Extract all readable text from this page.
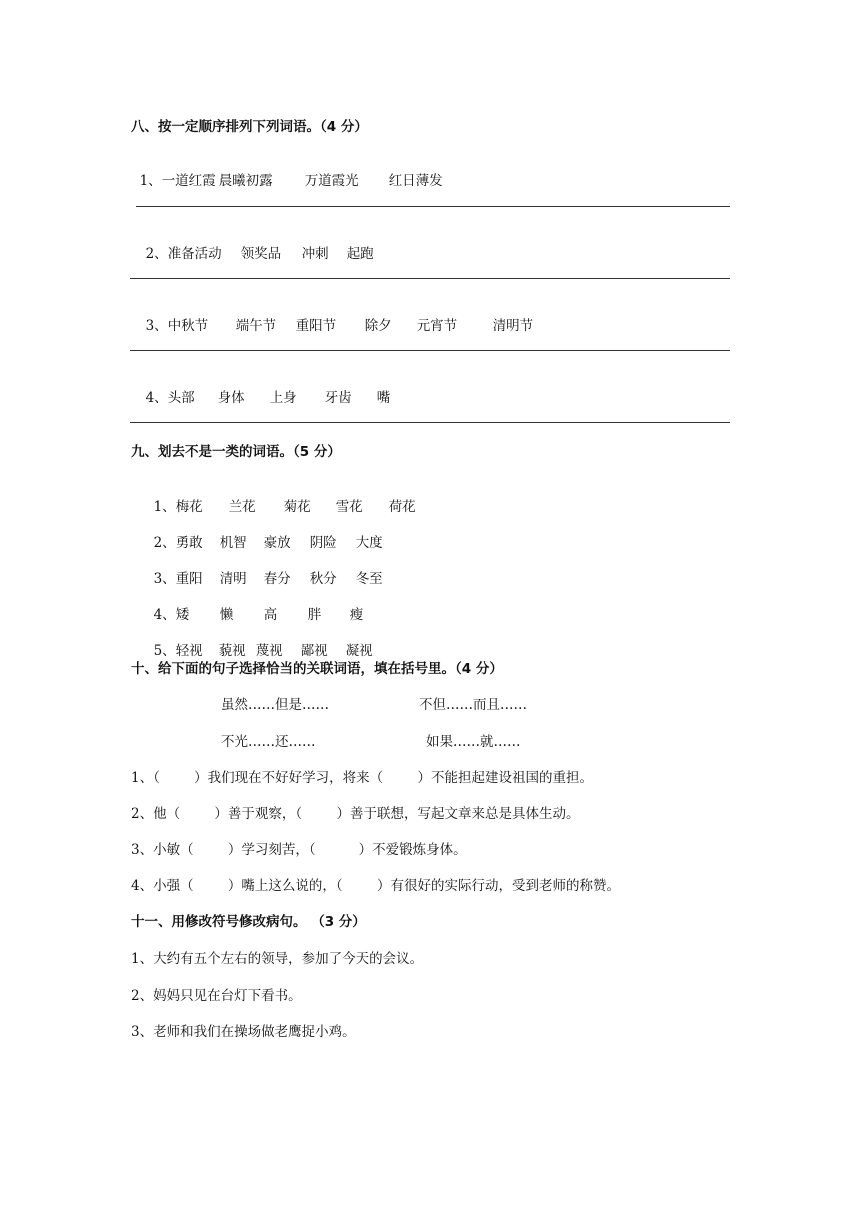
八、按一定顺序排列下列词语。（4 分）

1、一道红霞 晨曦初露 万道霞光 红日薄发

2、准备活动 领奖品 冲刺 起跑

3、中秋节 端午节 重阳节 除夕 元宵节	清明节

4、头部 身体 上身 牙齿 嘴

九、划去不是一类的词语。（5 分）

1、梅花 兰花 菊花 雪花 荷花

2、勇敢 机智 豪放 阴险 大度

3、重阳 清明 春分 秋分 冬至

4、矮 懒 高 胖 瘦

5、轻视 藐视 蔑视 鄙视 凝视

十、给下面的句子选择恰当的关联词语，填在括号里。（4 分）
虽然……但是……	不但……而且……
不光……还……	如果……就……
1、（        ）我们现在不好好学习，将来（        ）不能担起建设祖国的重担。
2、他（        ）善于观察，（        ）善于联想，写起文章来总是具体生动。
3、小敏（        ）学习刻苦，（          ）不爱锻炼身体。
4、小强（        ）嘴上这么说的，（        ）有很好的实际行动，受到老师的称赞。
十一、用修改符号修改病句。 （3 分）
1、大约有五个左右的领导，参加了今天的会议。
2、妈妈只见在台灯下看书。
3、老师和我们在操场做老鹰捉小鸡。
